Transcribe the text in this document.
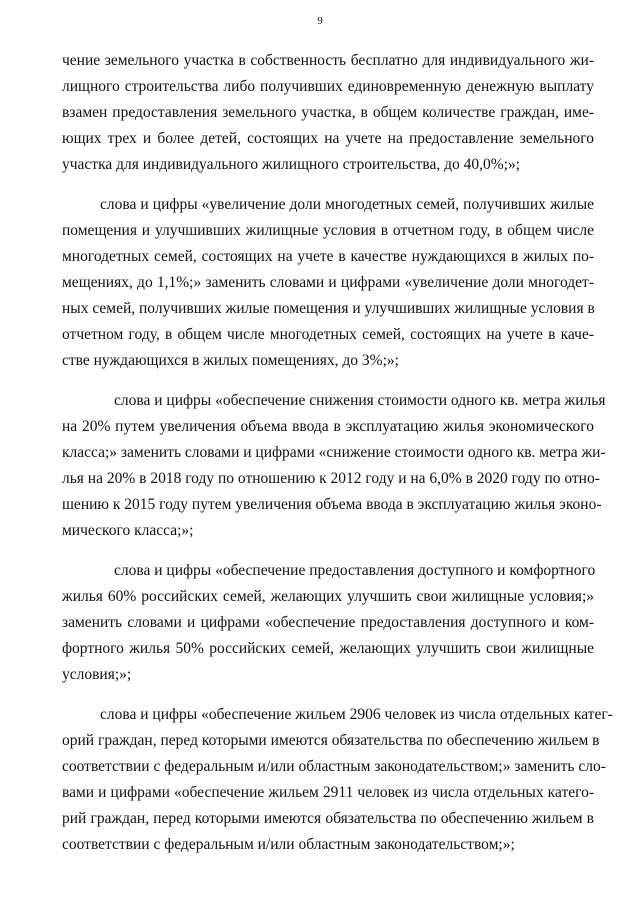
9
чение земельного участка в собственность бесплатно для индивидуального жи-
лищного строительства либо получивших единовременную денежную выплату
взамен предоставления земельного участка, в общем количестве граждан, име-
ющих трех и более детей, состоящих на учете на предоставление земельного
участка для индивидуального жилищного строительства, до 40,0%;»;
слова и цифры «увеличение доли многодетных семей, получивших жилые
помещения и улучшивших жилищные условия в отчетном году, в общем числе
многодетных семей, состоящих на учете в качестве нуждающихся в жилых по-
мещениях, до 1,1%;» заменить словами и цифрами «увеличение доли многодет-
ных семей, получивших жилые помещения и улучшивших жилищные условия в
отчетном году, в общем числе многодетных семей, состоящих на учете в каче-
стве нуждающихся в жилых помещениях, до 3%;»;
слова и цифры «обеспечение снижения стоимости одного кв. метра жилья
на 20% путем увеличения объема ввода в эксплуатацию жилья экономического
класса;» заменить словами и цифрами «снижение стоимости одного кв. метра жи-
лья на 20% в 2018 году по отношению к 2012 году и на 6,0% в 2020 году по отно-
шению к 2015 году путем увеличения объема ввода в эксплуатацию жилья эконо-
мического класса;»;
слова и цифры «обеспечение предоставления доступного и комфортного
жилья 60% российских семей, желающих улучшить свои жилищные условия;»
заменить словами и цифрами «обеспечение предоставления доступного и ком-
фортного жилья 50% российских семей, желающих улучшить свои жилищные
условия;»;
слова и цифры «обеспечение жильем 2906 человек из числа отдельных катег-
орий граждан, перед которыми имеются обязательства по обеспечению жильем в
соответствии с федеральным и/или областным законодательством;» заменить сло-
вами и цифрами «обеспечение жильем 2911 человек из числа отдельных катего-
рий граждан, перед которыми имеются обязательства по обеспечению жильем в
соответствии с федеральным и/или областным законодательством;»;
